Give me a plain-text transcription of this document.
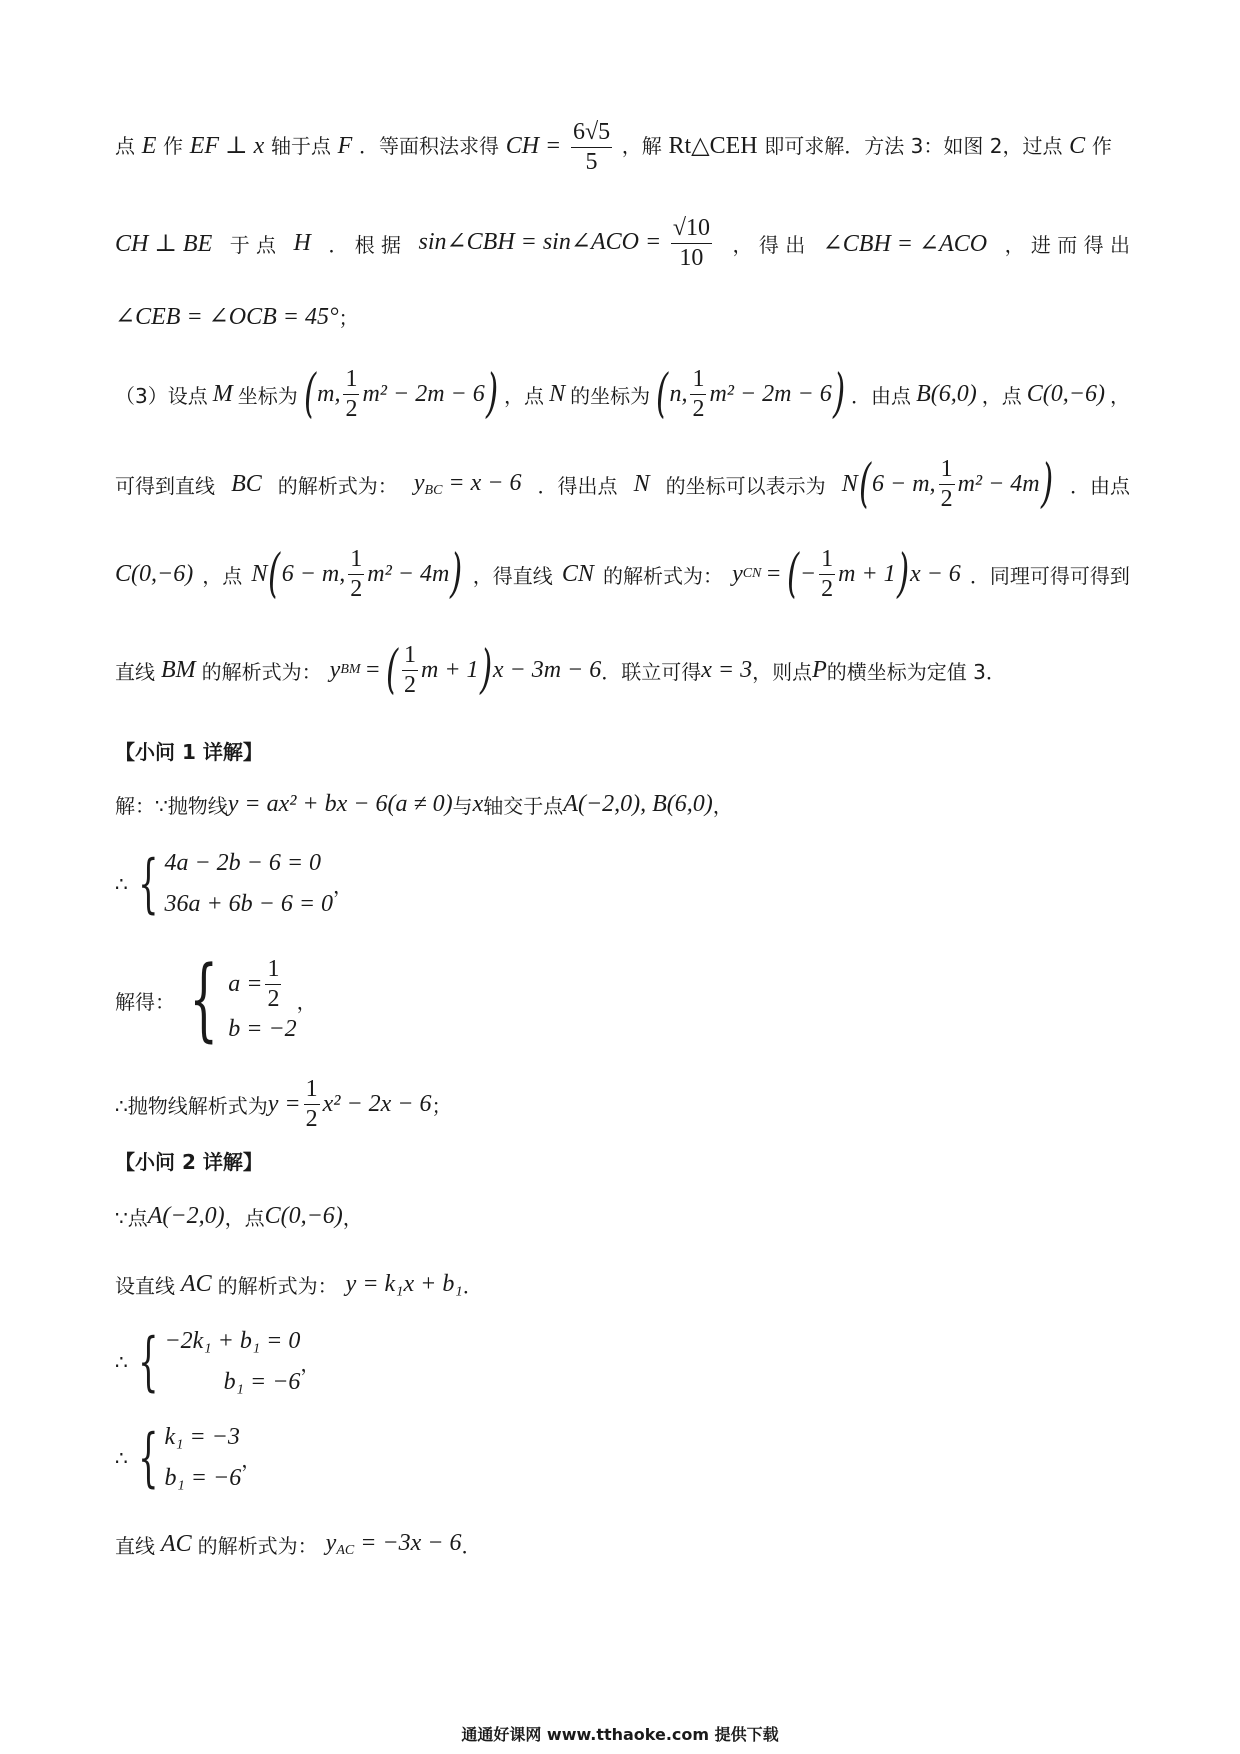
点 E 作 EF ⊥ x 轴于点 F ．等面积法求得 CH = $\frac{6√5}{5}$ ，解 Rt△CEH 即可求解．方法 3：如图 2，过点 C 作
CH ⊥ BE 于 点 H ． 根 据 sin∠CBH = sin∠ACO = $\frac{√10}{10}$ ， 得 出 ∠CBH = ∠ACO ， 进 而 得 出
∠CEB = ∠OCB = 45° ；
（3）设点 M 坐标为 ( m, $\frac{1}{2} m^2 - 2m - 6$ ) ，点 N 的坐标为 ( n, $\frac{1}{2} m^2 - 2m - 6$ ) ．由点 B(6,0) ，点 C(0,−6) ，
可得到直线 BC 的解析式为： $y_{BC} = x - 6$ ．得出点 N 的坐标可以表示为 N ( 6 − m, $\frac{1}{2} m^2 - 4m$ ) ．由点
C(0,−6) ，点 N ( 6 − m, $\frac{1}{2} m^2 - 4m$ ) ，得直线 CN 的解析式为： y CN = ( − $\frac{1}{2}$ m + 1 ) x − 6 ．同理可得可得到
直线 BM 的解析式为： y BM = ( $\frac{1}{2}$ m + 1 ) x − 3m − 6 ．联立可得 x = 3 ，则点 P 的横坐标为定值 3．
【小问 1 详解】
解：∵抛物线 y = ax² + bx − 6(a ≠ 0) 与 x 轴交于点 A(−2,0), B(6,0) ，
∴ { 4a − 2b − 6 = 0
36a + 6b − 6 = 0
，
解得： { $a = \frac{1}{2}$
b = −2
，
∴抛物线解析式为 $y = \frac{1}{2} x^2 - 2x - 6$ ；
【小问 2 详解】
∵点 A(−2,0) ，点 C(0,−6) ，
设直线 AC 的解析式为： y = k₁x + b₁ ．
∴ { −2k₁ + b₁ = 0
b₁ = −6
，
∴ { k₁ = −3
b₁ = −6
，
直线 AC 的解析式为： $y_{AC} = -3x - 6$ ．
通通好课网 www.tthaoke.com 提供下载
